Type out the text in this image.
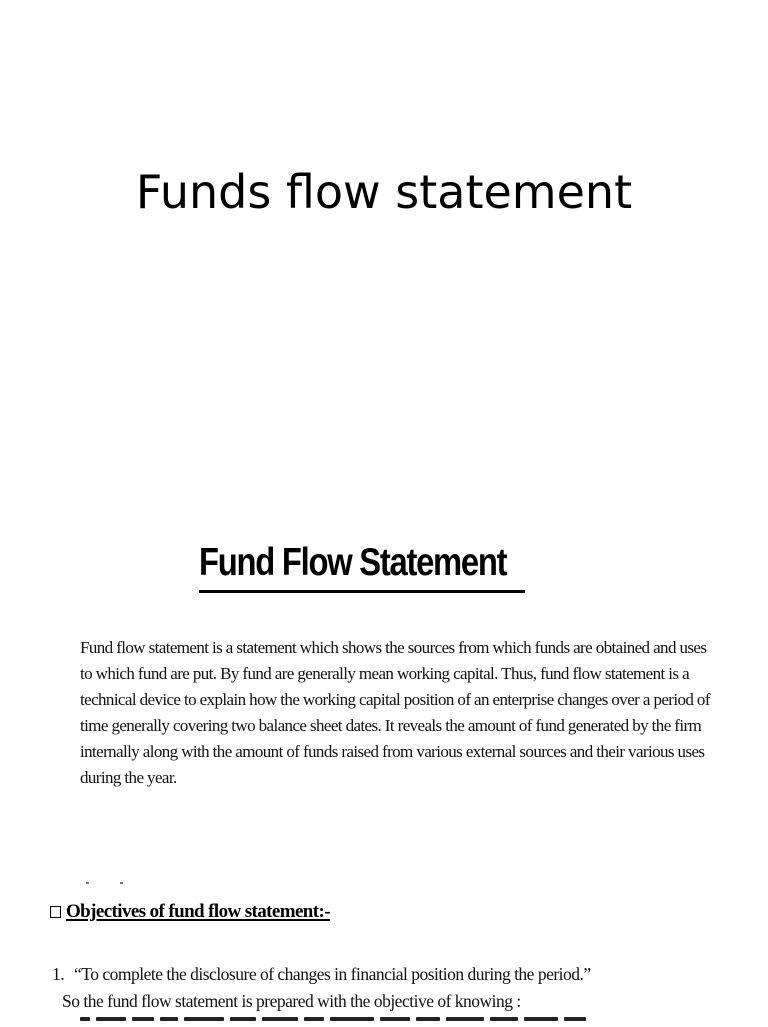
Funds flow statement
Fund Flow Statement

Fund flow statement is a statement which shows the sources from which funds are obtained and uses
to which fund are put. By fund are generally mean working capital. Thus, fund flow statement is a
technical device to explain how the working capital position of an enterprise changes over a period of
time generally covering two balance sheet dates. It reveals the amount of fund generated by the firm
internally along with the amount of funds raised from various external sources and their various uses
during the year.

Objectives of fund flow statement:-

1. “To complete the disclosure of changes in financial position during the period.”

So the fund flow statement is prepared with the objective of knowing :
